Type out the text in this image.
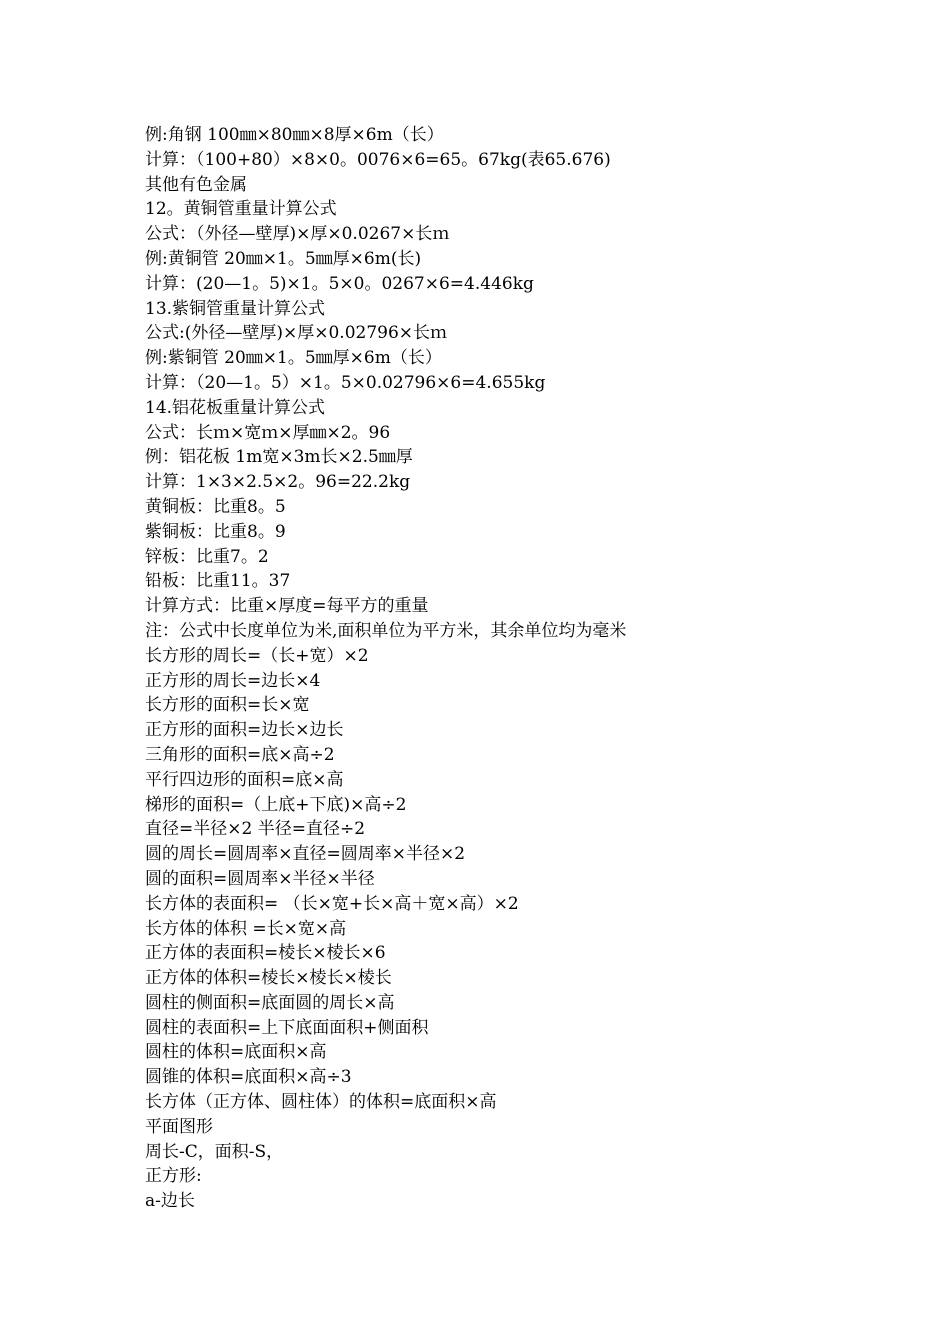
例:角钢 100㎜×80㎜×8厚×6m（长）
计算：（100+80）×8×0。0076×6=65。67kg(表65.676)
其他有色金属
12。黄铜管重量计算公式
公式：（外径—壁厚)×厚×0.0267×长ｍ
例:黄铜管 20㎜×1。5㎜厚×6m(长)
计算：(20—1。5)×1。5×0。0267×6=4.446kg
13.紫铜管重量计算公式
公式:(外径—壁厚)×厚×0.02796×长ｍ
例:紫铜管 20㎜×1。5㎜厚×6m（长）
计算：（20—1。5）×1。5×0.02796×6=4.655kg
14.铝花板重量计算公式
公式：长ｍ×宽ｍ×厚㎜×2。96
例：铝花板 1m宽×3m长×2.5㎜厚
计算：1×3×2.5×2。96=22.2kg
黄铜板：比重8。5
紫铜板：比重8。9
锌板：比重7。2
铅板：比重11。37
计算方式：比重×厚度=每平方的重量
注：公式中长度单位为米,面积单位为平方米，其余单位均为毫米
长方形的周长=（长+宽）×2
正方形的周长=边长×4
长方形的面积=长×宽
正方形的面积=边长×边长
三角形的面积=底×高÷2
平行四边形的面积=底×高
梯形的面积=（上底+下底)×高÷2
直径=半径×2 半径=直径÷2
圆的周长=圆周率×直径=圆周率×半径×2
圆的面积=圆周率×半径×半径
长方体的表面积= （长×宽+长×高＋宽×高）×2
长方体的体积 =长×宽×高
正方体的表面积=棱长×棱长×6
正方体的体积=棱长×棱长×棱长
圆柱的侧面积=底面圆的周长×高
圆柱的表面积=上下底面面积+侧面积
圆柱的体积=底面积×高
圆锥的体积=底面积×高÷3
长方体（正方体、圆柱体）的体积=底面积×高
平面图形
周长-C，面积-S，
正方形:
a-边长
